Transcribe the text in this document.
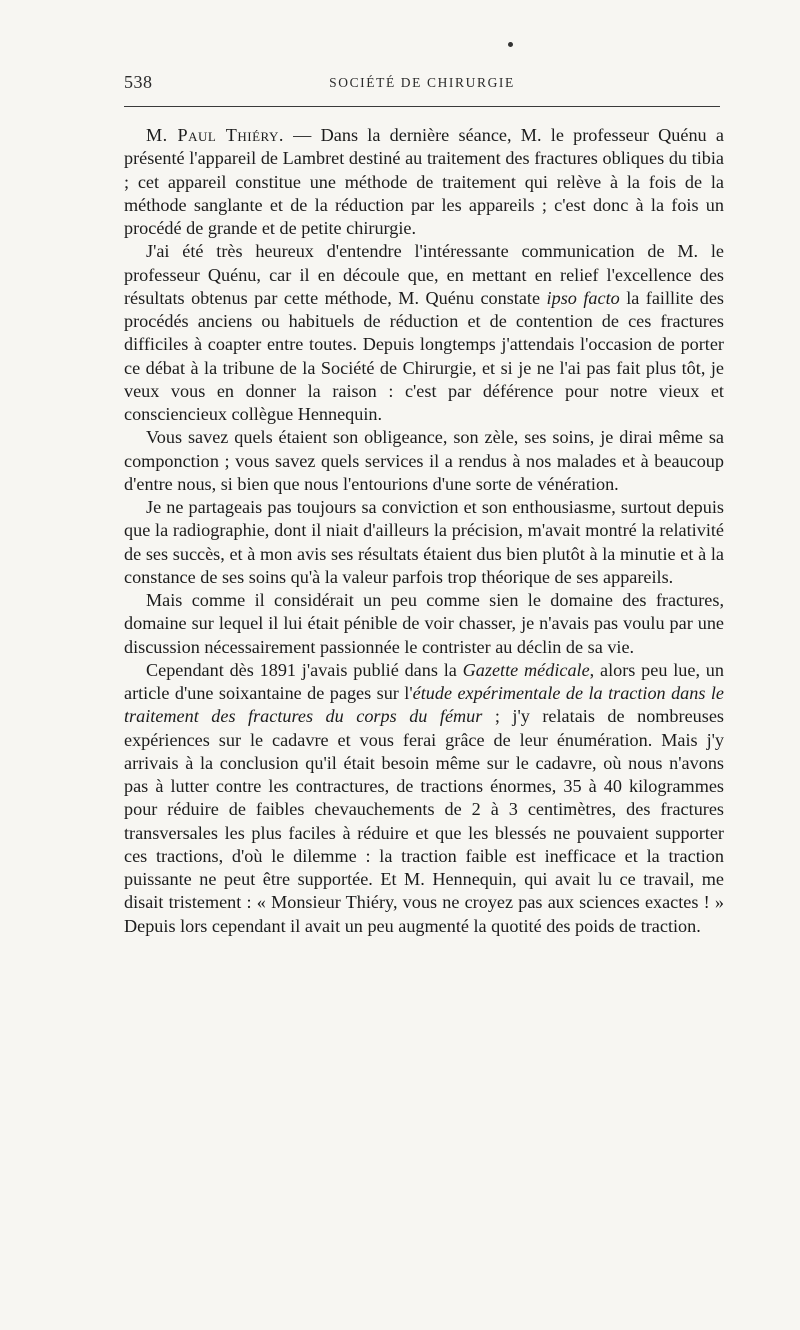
538	SOCIÉTÉ DE CHIRURGIE

M. Paul Thiéry. — Dans la dernière séance, M. le professeur Quénu a présenté l'appareil de Lambret destiné au traitement des fractures obliques du tibia ; cet appareil constitue une méthode de traitement qui relève à la fois de la méthode sanglante et de la réduction par les appareils ; c'est donc à la fois un procédé de grande et de petite chirurgie.

J'ai été très heureux d'entendre l'intéressante communication de M. le professeur Quénu, car il en découle que, en mettant en relief l'excellence des résultats obtenus par cette méthode, M. Quénu constate ipso facto la faillite des procédés anciens ou habituels de réduction et de contention de ces fractures difficiles à coapter entre toutes. Depuis longtemps j'attendais l'occasion de porter ce débat à la tribune de la Société de Chirurgie, et si je ne l'ai pas fait plus tôt, je veux vous en donner la raison : c'est par déférence pour notre vieux et consciencieux collègue Hennequin.

Vous savez quels étaient son obligeance, son zèle, ses soins, je dirai même sa componction ; vous savez quels services il a rendus à nos malades et à beaucoup d'entre nous, si bien que nous l'entourions d'une sorte de vénération.

Je ne partageais pas toujours sa conviction et son enthousiasme, surtout depuis que la radiographie, dont il niait d'ailleurs la précision, m'avait montré la relativité de ses succès, et à mon avis ses résultats étaient dus bien plutôt à la minutie et à la constance de ses soins qu'à la valeur parfois trop théorique de ses appareils.

Mais comme il considérait un peu comme sien le domaine des fractures, domaine sur lequel il lui était pénible de voir chasser, je n'avais pas voulu par une discussion nécessairement passionnée le contrister au déclin de sa vie.

Cependant dès 1891 j'avais publié dans la Gazette médicale, alors peu lue, un article d'une soixantaine de pages sur l'étude expérimentale de la traction dans le traitement des fractures du corps du fémur ; j'y relatais de nombreuses expériences sur le cadavre et vous ferai grâce de leur énumération. Mais j'y arrivais à la conclusion qu'il était besoin même sur le cadavre, où nous n'avons pas à lutter contre les contractures, de tractions énormes, 35 à 40 kilogrammes pour réduire de faibles chevauchements de 2 à 3 centimètres, des fractures transversales les plus faciles à réduire et que les blessés ne pouvaient supporter ces tractions, d'où le dilemme : la traction faible est inefficace et la traction puissante ne peut être supportée. Et M. Hennequin, qui avait lu ce travail, me disait tristement : « Monsieur Thiéry, vous ne croyez pas aux sciences exactes ! » Depuis lors cependant il avait un peu augmenté la quotité des poids de traction.
